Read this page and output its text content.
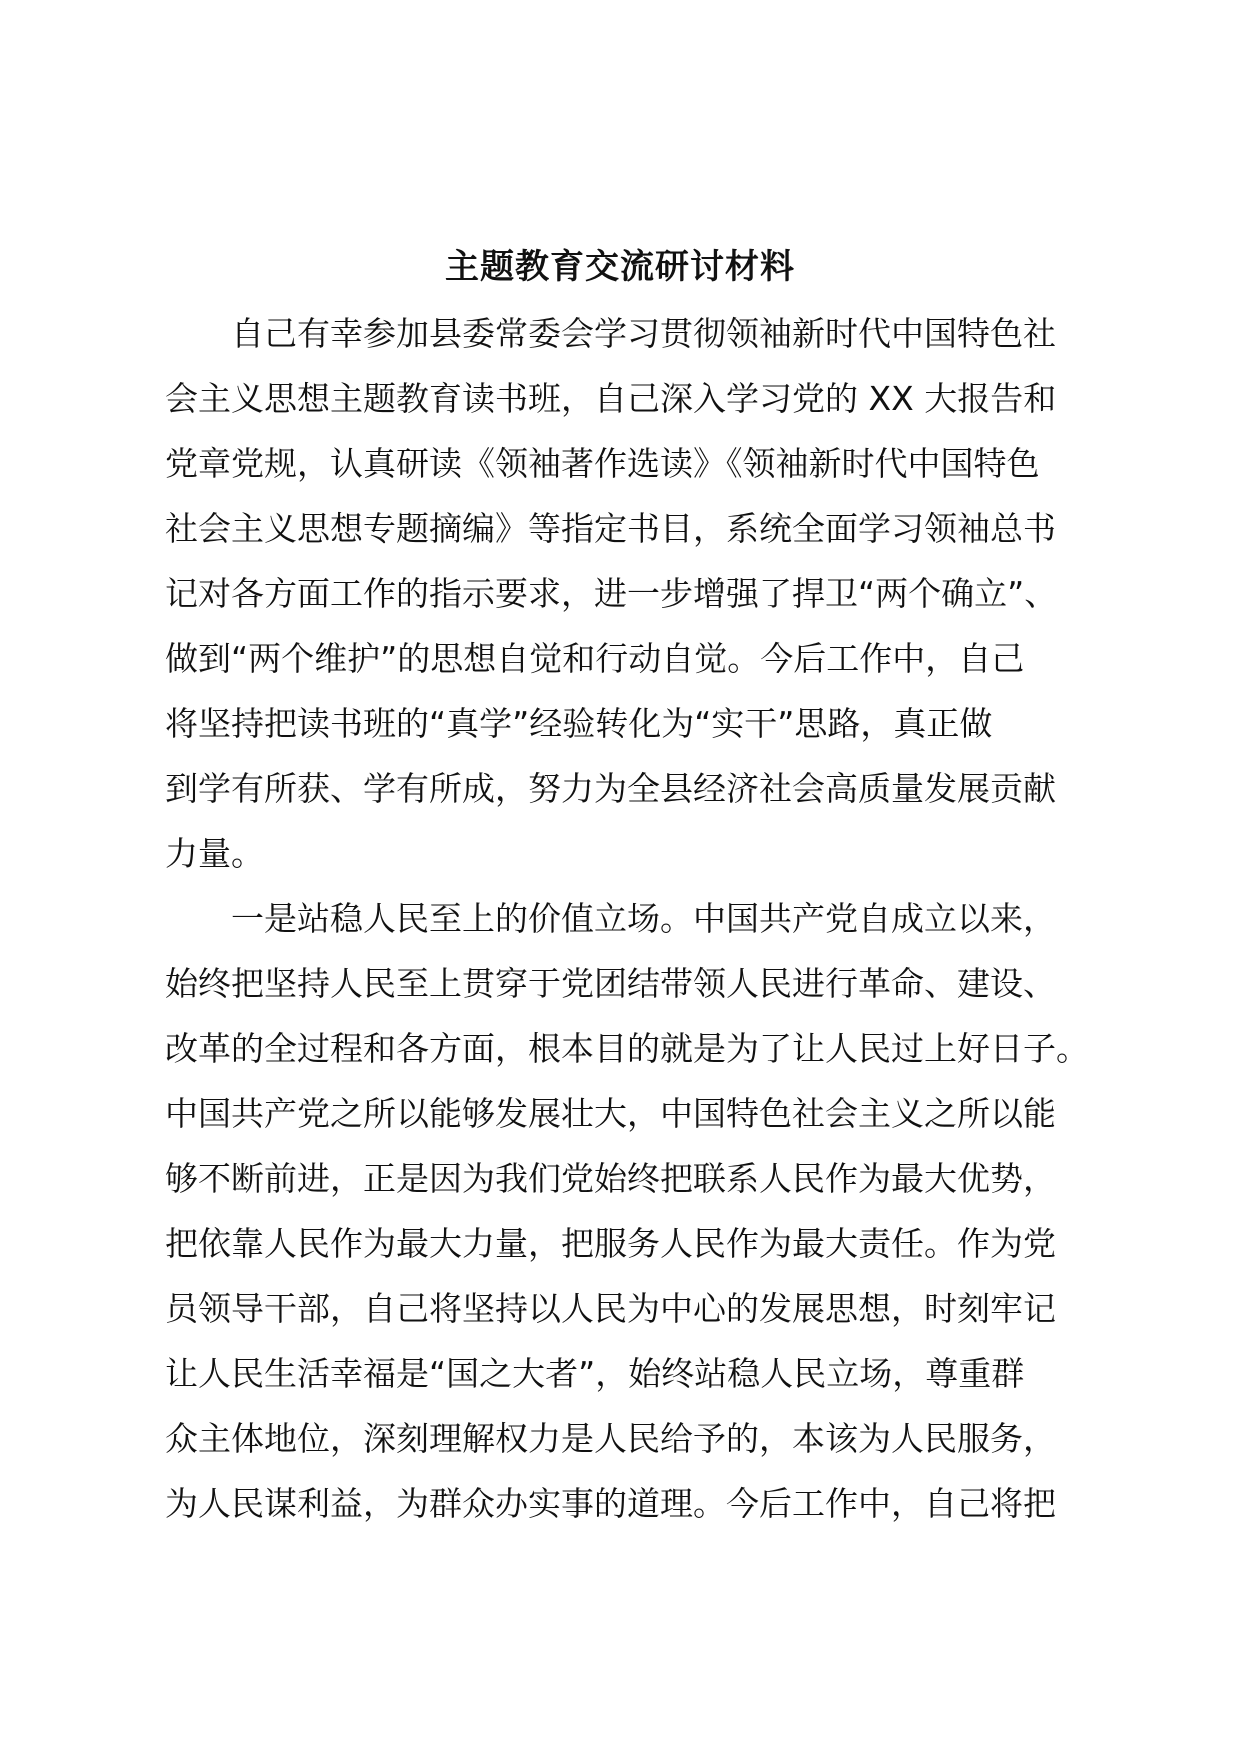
主题教育交流研讨材料
自己有幸参加县委常委会学习贯彻领袖新时代中国特色社
会主义思想主题教育读书班，自己深入学习党的 XX 大报告和
党章党规，认真研读《领袖著作选读》《领袖新时代中国特色
社会主义思想专题摘编》等指定书目，系统全面学习领袖总书
记对各方面工作的指示要求，进一步增强了捍卫“两个确立”、
做到“两个维护”的思想自觉和行动自觉。今后工作中，自己
将坚持把读书班的“真学”经验转化为“实干”思路，真正做
到学有所获、学有所成，努力为全县经济社会高质量发展贡献
力量。
一是站稳人民至上的价值立场。中国共产党自成立以来，
始终把坚持人民至上贯穿于党团结带领人民进行革命、建设、
改革的全过程和各方面，根本目的就是为了让人民过上好日子。
中国共产党之所以能够发展壮大，中国特色社会主义之所以能
够不断前进，正是因为我们党始终把联系人民作为最大优势，
把依靠人民作为最大力量，把服务人民作为最大责任。作为党
员领导干部，自己将坚持以人民为中心的发展思想，时刻牢记
让人民生活幸福是“国之大者”，始终站稳人民立场，尊重群
众主体地位，深刻理解权力是人民给予的，本该为人民服务，
为人民谋利益，为群众办实事的道理。今后工作中，自己将把
